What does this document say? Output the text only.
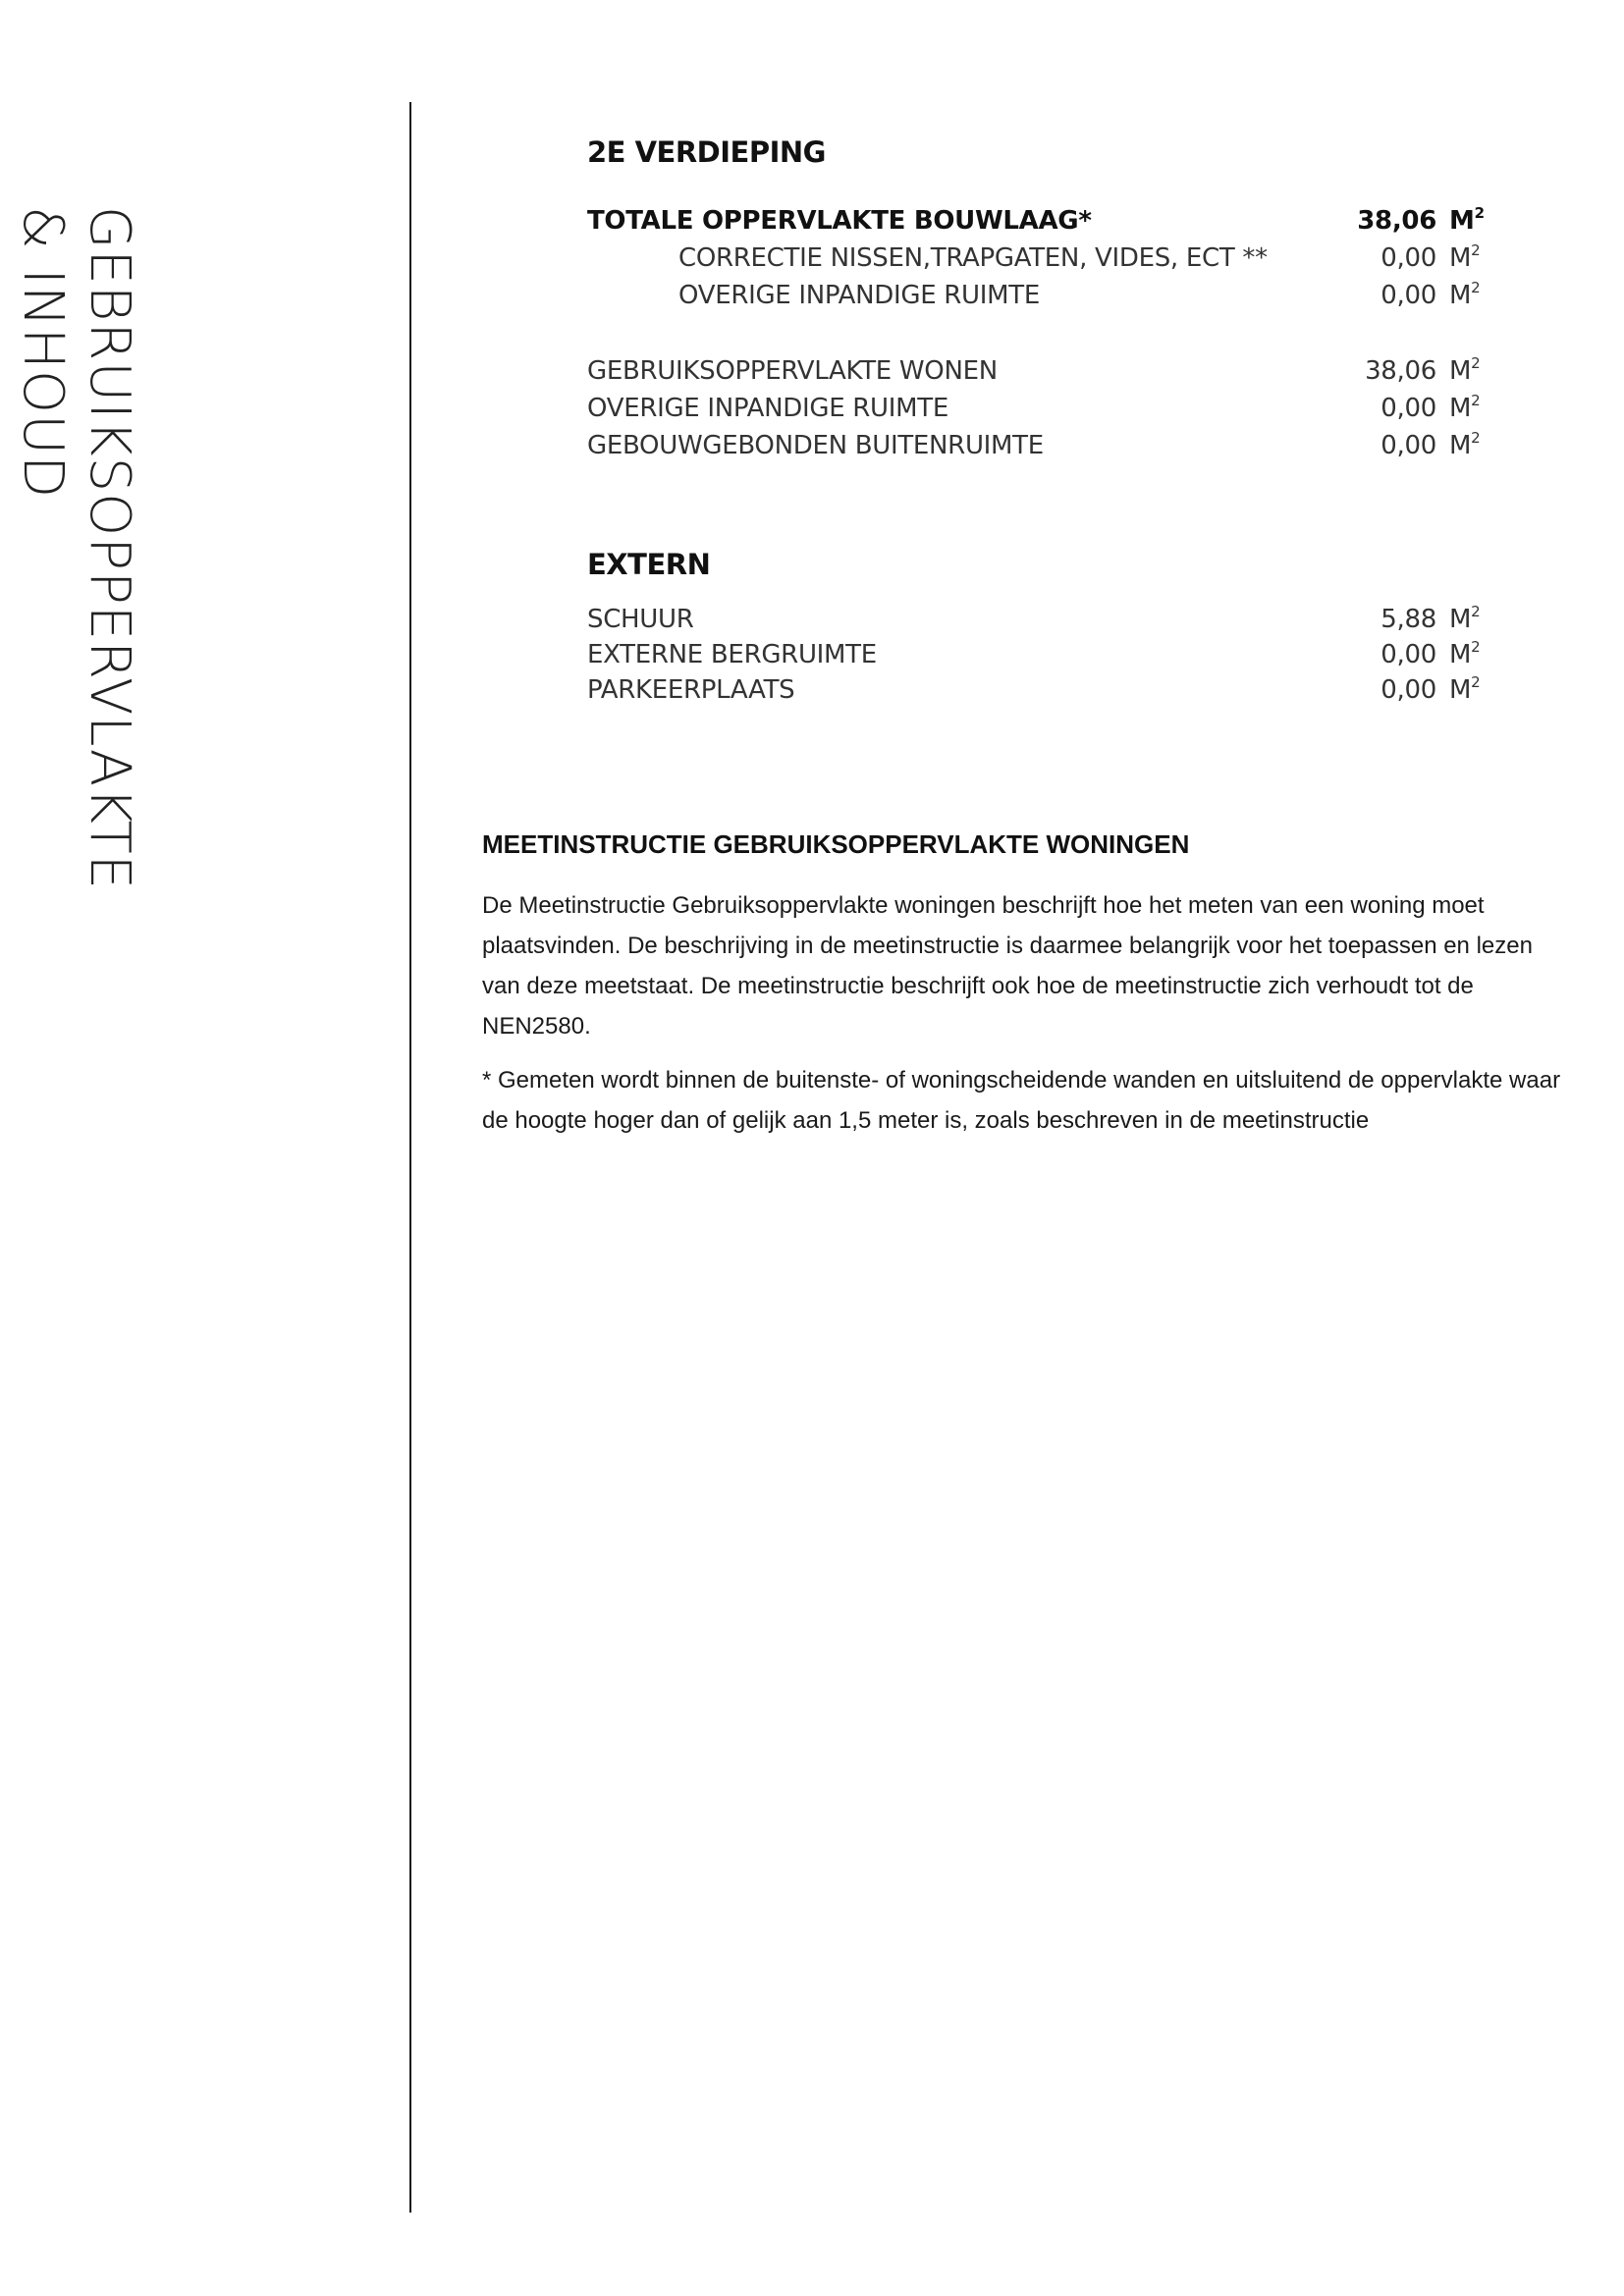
GEBRUIKSOPPERVLAKTE
& INHOUD
2E VERDIEPING
TOTALE OPPERVLAKTE BOUWLAAG*	38,06 $M^2$
CORRECTIE NISSEN,TRAPGATEN, VIDES, ECT **	0,00 $M^2$
OVERIGE INPANDIGE RUIMTE	0,00 $M^2$
GEBRUIKSOPPERVLAKTE WONEN	38,06 $M^2$
OVERIGE INPANDIGE RUIMTE	0,00 $M^2$
GEBOUWGEBONDEN BUITENRUIMTE	0,00 $M^2$
EXTERN
SCHUUR	5,88 $M^2$
EXTERNE BERGRUIMTE	0,00 $M^2$
PARKEERPLAATS	0,00 $M^2$
MEETINSTRUCTIE GEBRUIKSOPPERVLAKTE WONINGEN

De Meetinstructie Gebruiksoppervlakte woningen beschrijft hoe het meten van een woning moet plaatsvinden. De beschrijving in de meetinstructie is daarmee belangrijk voor het toepassen en lezen van deze meetstaat. De meetinstructie beschrijft ook hoe de meetinstructie zich verhoudt tot de NEN2580.

* Gemeten wordt binnen de buitenste- of woningscheidende wanden en uitsluitend de oppervlakte waar de hoogte hoger dan of gelijk aan 1,5 meter is, zoals beschreven in de meetinstructie
